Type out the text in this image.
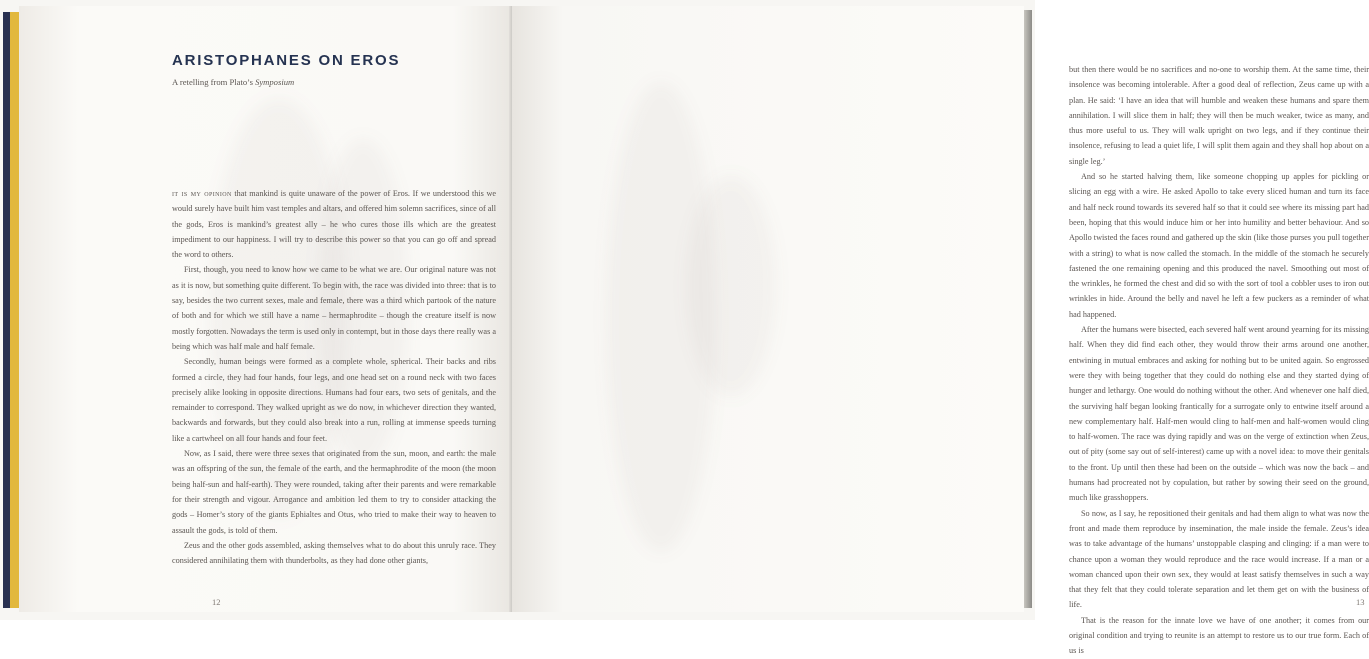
ARISTOPHANES ON EROS

A retelling from Plato’s Symposium

it is my opinion that mankind is quite unaware of the power of Eros. If we understood this we would surely have built him vast temples and altars, and offered him solemn sacrifices, since of all the gods, Eros is mankind’s greatest ally – he who cures those ills which are the greatest impediment to our happiness. I will try to describe this power so that you can go off and spread the word to others.

First, though, you need to know how we came to be what we are. Our original nature was not as it is now, but something quite different. To begin with, the race was divided into three: that is to say, besides the two current sexes, male and female, there was a third which partook of the nature of both and for which we still have a name – hermaphrodite – though the creature itself is now mostly forgotten. Nowadays the term is used only in contempt, but in those days there really was a being which was half male and half female.

Secondly, human beings were formed as a complete whole, spherical. Their backs and ribs formed a circle, they had four hands, four legs, and one head set on a round neck with two faces precisely alike looking in opposite directions. Humans had four ears, two sets of genitals, and the remainder to correspond. They walked upright as we do now, in whichever direction they wanted, backwards and forwards, but they could also break into a run, rolling at immense speeds turning like a cartwheel on all four hands and four feet.

Now, as I said, there were three sexes that originated from the sun, moon, and earth: the male was an offspring of the sun, the female of the earth, and the hermaphrodite of the moon (the moon being half-sun and half-earth). They were rounded, taking after their parents and were remarkable for their strength and vigour. Arrogance and ambition led them to try to consider attacking the gods – Homer’s story of the giants Ephialtes and Otus, who tried to make their way to heaven to assault the gods, is told of them.

Zeus and the other gods assembled, asking themselves what to do about this unruly race. They considered annihilating them with thunderbolts, as they had done other giants,

12

but then there would be no sacrifices and no-one to worship them. At the same time, their insolence was becoming intolerable. After a good deal of reflection, Zeus came up with a plan. He said: ‘I have an idea that will humble and weaken these humans and spare them annihilation. I will slice them in half; they will then be much weaker, twice as many, and thus more useful to us. They will walk upright on two legs, and if they continue their insolence, refusing to lead a quiet life, I will split them again and they shall hop about on a single leg.’

And so he started halving them, like someone chopping up apples for pickling or slicing an egg with a wire. He asked Apollo to take every sliced human and turn its face and half neck round towards its severed half so that it could see where its missing part had been, hoping that this would induce him or her into humility and better behaviour. And so Apollo twisted the faces round and gathered up the skin (like those purses you pull together with a string) to what is now called the stomach. In the middle of the stomach he securely fastened the one remaining opening and this produced the navel. Smoothing out most of the wrinkles, he formed the chest and did so with the sort of tool a cobbler uses to iron out wrinkles in hide. Around the belly and navel he left a few puckers as a reminder of what had happened.

After the humans were bisected, each severed half went around yearning for its missing half. When they did find each other, they would throw their arms around one another, entwining in mutual embraces and asking for nothing but to be united again. So engrossed were they with being together that they could do nothing else and they started dying of hunger and lethargy. One would do nothing without the other. And whenever one half died, the surviving half began looking frantically for a surrogate only to entwine itself around a new complementary half. Half-men would cling to half-men and half-women would cling to half-women. The race was dying rapidly and was on the verge of extinction when Zeus, out of pity (some say out of self-interest) came up with a novel idea: to move their genitals to the front. Up until then these had been on the outside – which was now the back – and humans had procreated not by copulation, but rather by sowing their seed on the ground, much like grasshoppers.

So now, as I say, he repositioned their genitals and had them align to what was now the front and made them reproduce by insemination, the male inside the female. Zeus’s idea was to take advantage of the humans’ unstoppable clasping and clinging: if a man were to chance upon a woman they would reproduce and the race would increase. If a man or a woman chanced upon their own sex, they would at least satisfy themselves in such a way that they felt that they could tolerate separation and let them get on with the business of life.

That is the reason for the innate love we have of one another; it comes from our original condition and trying to reunite is an attempt to restore us to our true form. Each of us is

13
